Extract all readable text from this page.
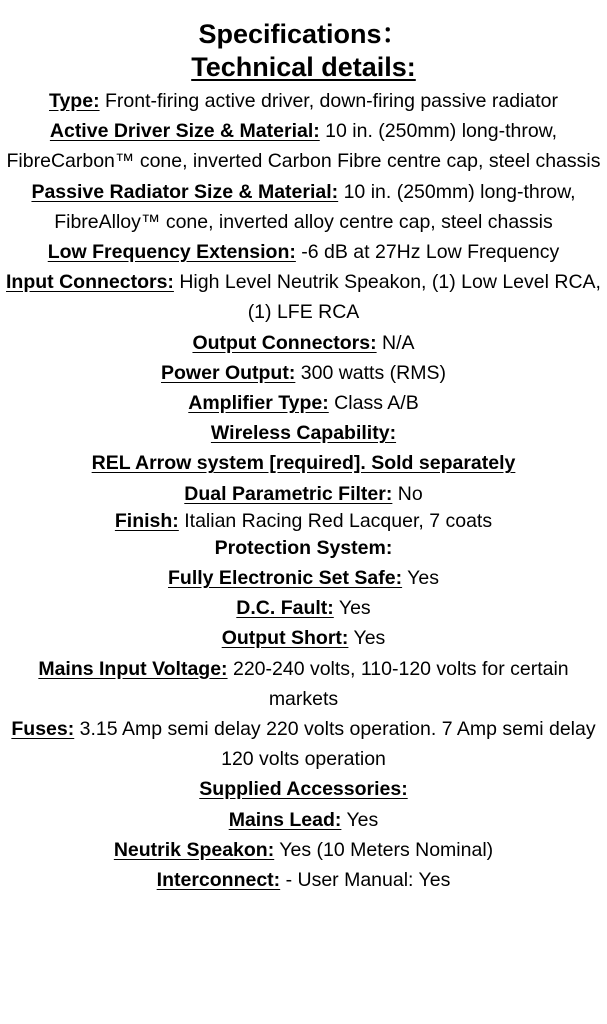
Specifications：
Technical details:
Type: Front-firing active driver, down-firing passive radiator
Active Driver Size & Material: 10 in. (250mm) long-throw, FibreCarbon™ cone, inverted Carbon Fibre centre cap, steel chassis
Passive Radiator Size & Material: 10 in. (250mm) long-throw, FibreAlloy™ cone, inverted alloy centre cap, steel chassis
Low Frequency Extension: -6 dB at 27Hz Low Frequency
Input Connectors: High Level Neutrik Speakon, (1) Low Level RCA,(1) LFE RCA
Output Connectors: N/A
Power Output: 300 watts (RMS)
Amplifier Type: Class A/B
Wireless Capability:
REL Arrow system [required]. Sold separately
Dual Parametric Filter: No
Finish: Italian Racing Red Lacquer, 7 coats
Protection System:
Fully Electronic Set Safe: Yes
D.C. Fault: Yes
Output Short: Yes
Mains Input Voltage: 220-240 volts, 110-120 volts for certain markets
Fuses: 3.15 Amp semi delay 220 volts operation. 7 Amp semi delay 120 volts operation
Supplied Accessories:
Mains Lead: Yes
Neutrik Speakon: Yes (10 Meters Nominal)
Interconnect: - User Manual: Yes
